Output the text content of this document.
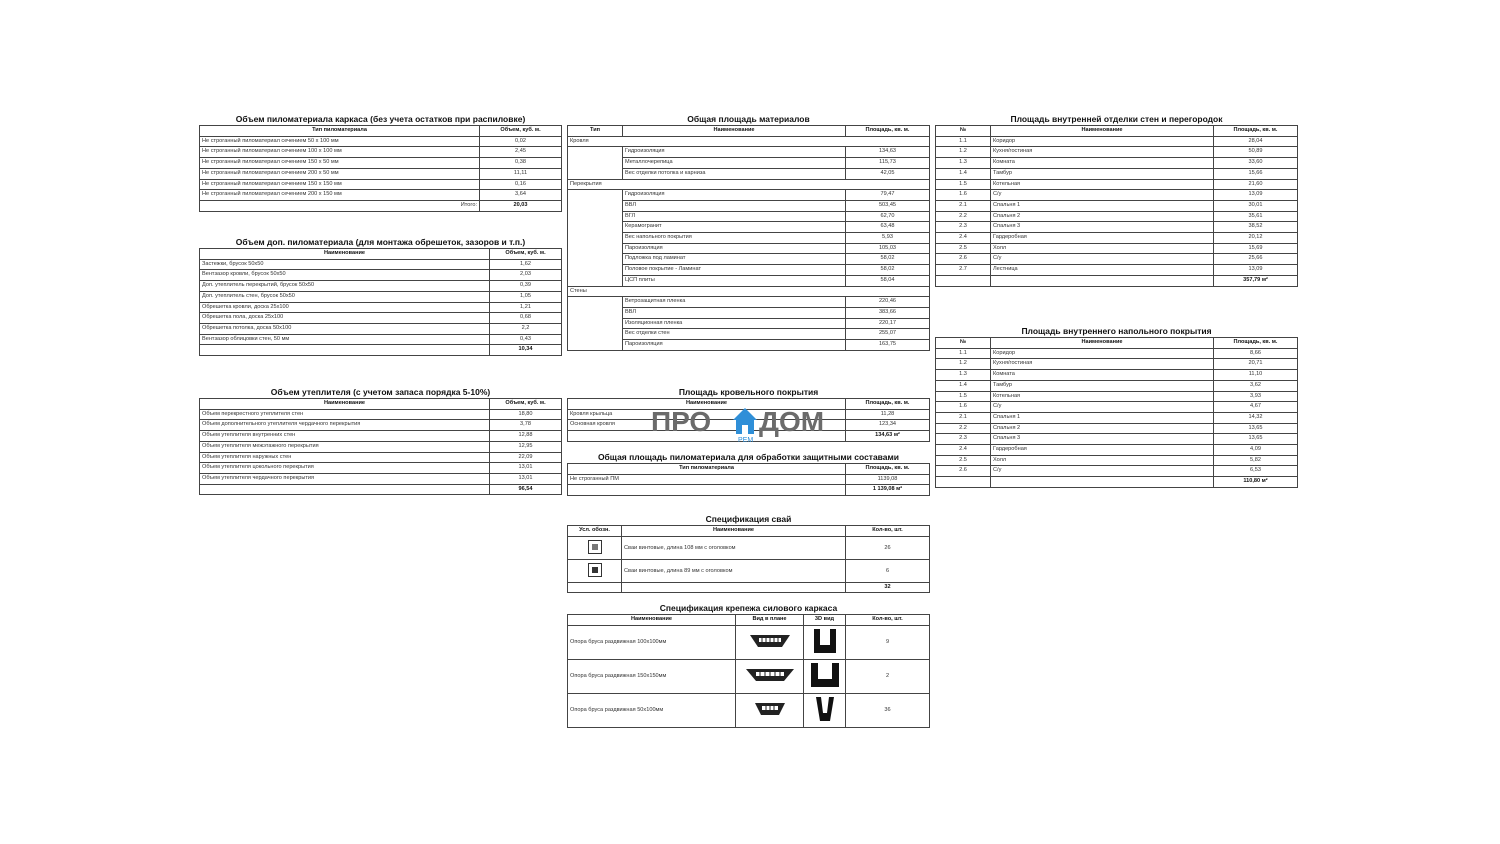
Объем пиломатериала каркаса (без учета остатков при распиловке)
Тип пиломатериала	Объем, куб. м.
Не строганный пиломатериал сечением 50 х 100 мм	0,02
Не строганный пиломатериал сечением 100 х 100 мм	2,45
Не строганный пиломатериал сечением 150 х 50 мм	0,38
Не строганный пиломатериал сечением 200 х 50 мм	11,11
Не строганный пиломатериал сечением 150 х 150 мм	0,16
Не строганный пиломатериал сечением 200 х 150 мм	3,64
Итого:	20,03
Объем доп. пиломатериала (для монтажа обрешеток, зазоров и т.п.)
Наименование	Объем, куб. м.
Застежки, брусок 50х50	1,62
Вентзазор кровли, брусок 50х50	2,03
Доп. утеплитель перекрытий, брусок 50х50	0,39
Доп. утеплитель стен, брусок 50х50	1,05
Обрешетка кровли, доска 25х100	1,21
Обрешетка пола, доска 25х100	0,68
Обрешетка потолка, доска 50х100	2,2
Вентзазор облицовки стен, 50 мм	0,43
	10,34
Объем утеплителя (с учетом запаса порядка 5-10%)
Наименование	Объем, куб. м.
Объем перекрестного утеплителя стен	18,80
Объем дополнительного утеплителя чердачного перекрытия	3,78
Объем утеплителя внутренних стен	12,88
Объем утеплителя межэтажного перекрытия	12,95
Объем утеплителя наружных стен	22,09
Объем утеплителя цокольного перекрытия	13,01
Объем утеплителя чердачного перекрытия	13,01
	96,54
Общая площадь материалов
Тип	Наименование	Площадь, кв. м.
Кровля		
	Гидроизоляция	134,63
	Металлочерепица	115,73
	Вес отделки потолка и карниза	42,05
Перекрытия		
	Гидроизоляция	79,47
	ВВЛ	503,45
	ВГЛ	62,70
	Керамогранит	63,48
	Вес напольного покрытия	5,93
	Пароизоляция	105,03
	Подложка под ламинат	58,02
	Половое покрытие - Ламинат	58,02
	ЦСП плиты	58,04
Стены		
	Ветрозащитная пленка	220,46
	ВВЛ	383,66
	Изоляционная пленка	220,17
	Вес отделки стен	255,07
	Пароизоляция	163,75
Площадь кровельного покрытия
Наименование	Площадь, кв. м.
Кровля крыльца	11,28
Основная кровля	123,34
	134,63 м²
ПРО ДОМ
РЕМ
Общая площадь пиломатериала для обработки защитными составами
Тип пиломатериала	Площадь, кв. м.
Не строганный ПМ	1139,08
	1 139,08 м²
Спецификация свай
Усл. обозн.	Наименование	Кол-во, шт.
	Сваи винтовые, длина 108 мм с оголовком	26
	Сваи винтовые, длина 89 мм с оголовком	6
		32
Спецификация крепежа силового каркаса
Наименование	Вид в плане	3D вид	Кол-во, шт.
Опора бруса раздвижная 100х100мм			9
Опора бруса раздвижная 150х150мм			2
Опора бруса раздвижная 50х100мм			36
Площадь внутренней отделки стен и перегородок
№	Наименование	Площадь, кв. м.
1.1	Коридор	28,04
1.2	Кухня/гостиная	50,89
1.3	Комната	33,60
1.4	Тамбур	15,66
1.5	Котельная	21,60
1.6	С/у	13,09
2.1	Спальня 1	30,01
2.2	Спальня 2	35,61
2.3	Спальня 3	38,52
2.4	Гардеробная	20,12
2.5	Холл	15,69
2.6	С/у	25,66
2.7	Лестница	13,09
		357,79 м²
Площадь внутреннего напольного покрытия
№	Наименование	Площадь, кв. м.
1.1	Коридор	8,66
1.2	Кухня/гостиная	20,71
1.3	Комната	11,10
1.4	Тамбур	3,62
1.5	Котельная	3,93
1.6	С/у	4,67
2.1	Спальня 1	14,32
2.2	Спальня 2	13,65
2.3	Спальня 3	13,65
2.4	Гардеробная	4,09
2.5	Холл	5,82
2.6	С/у	6,53
		110,80 м²
